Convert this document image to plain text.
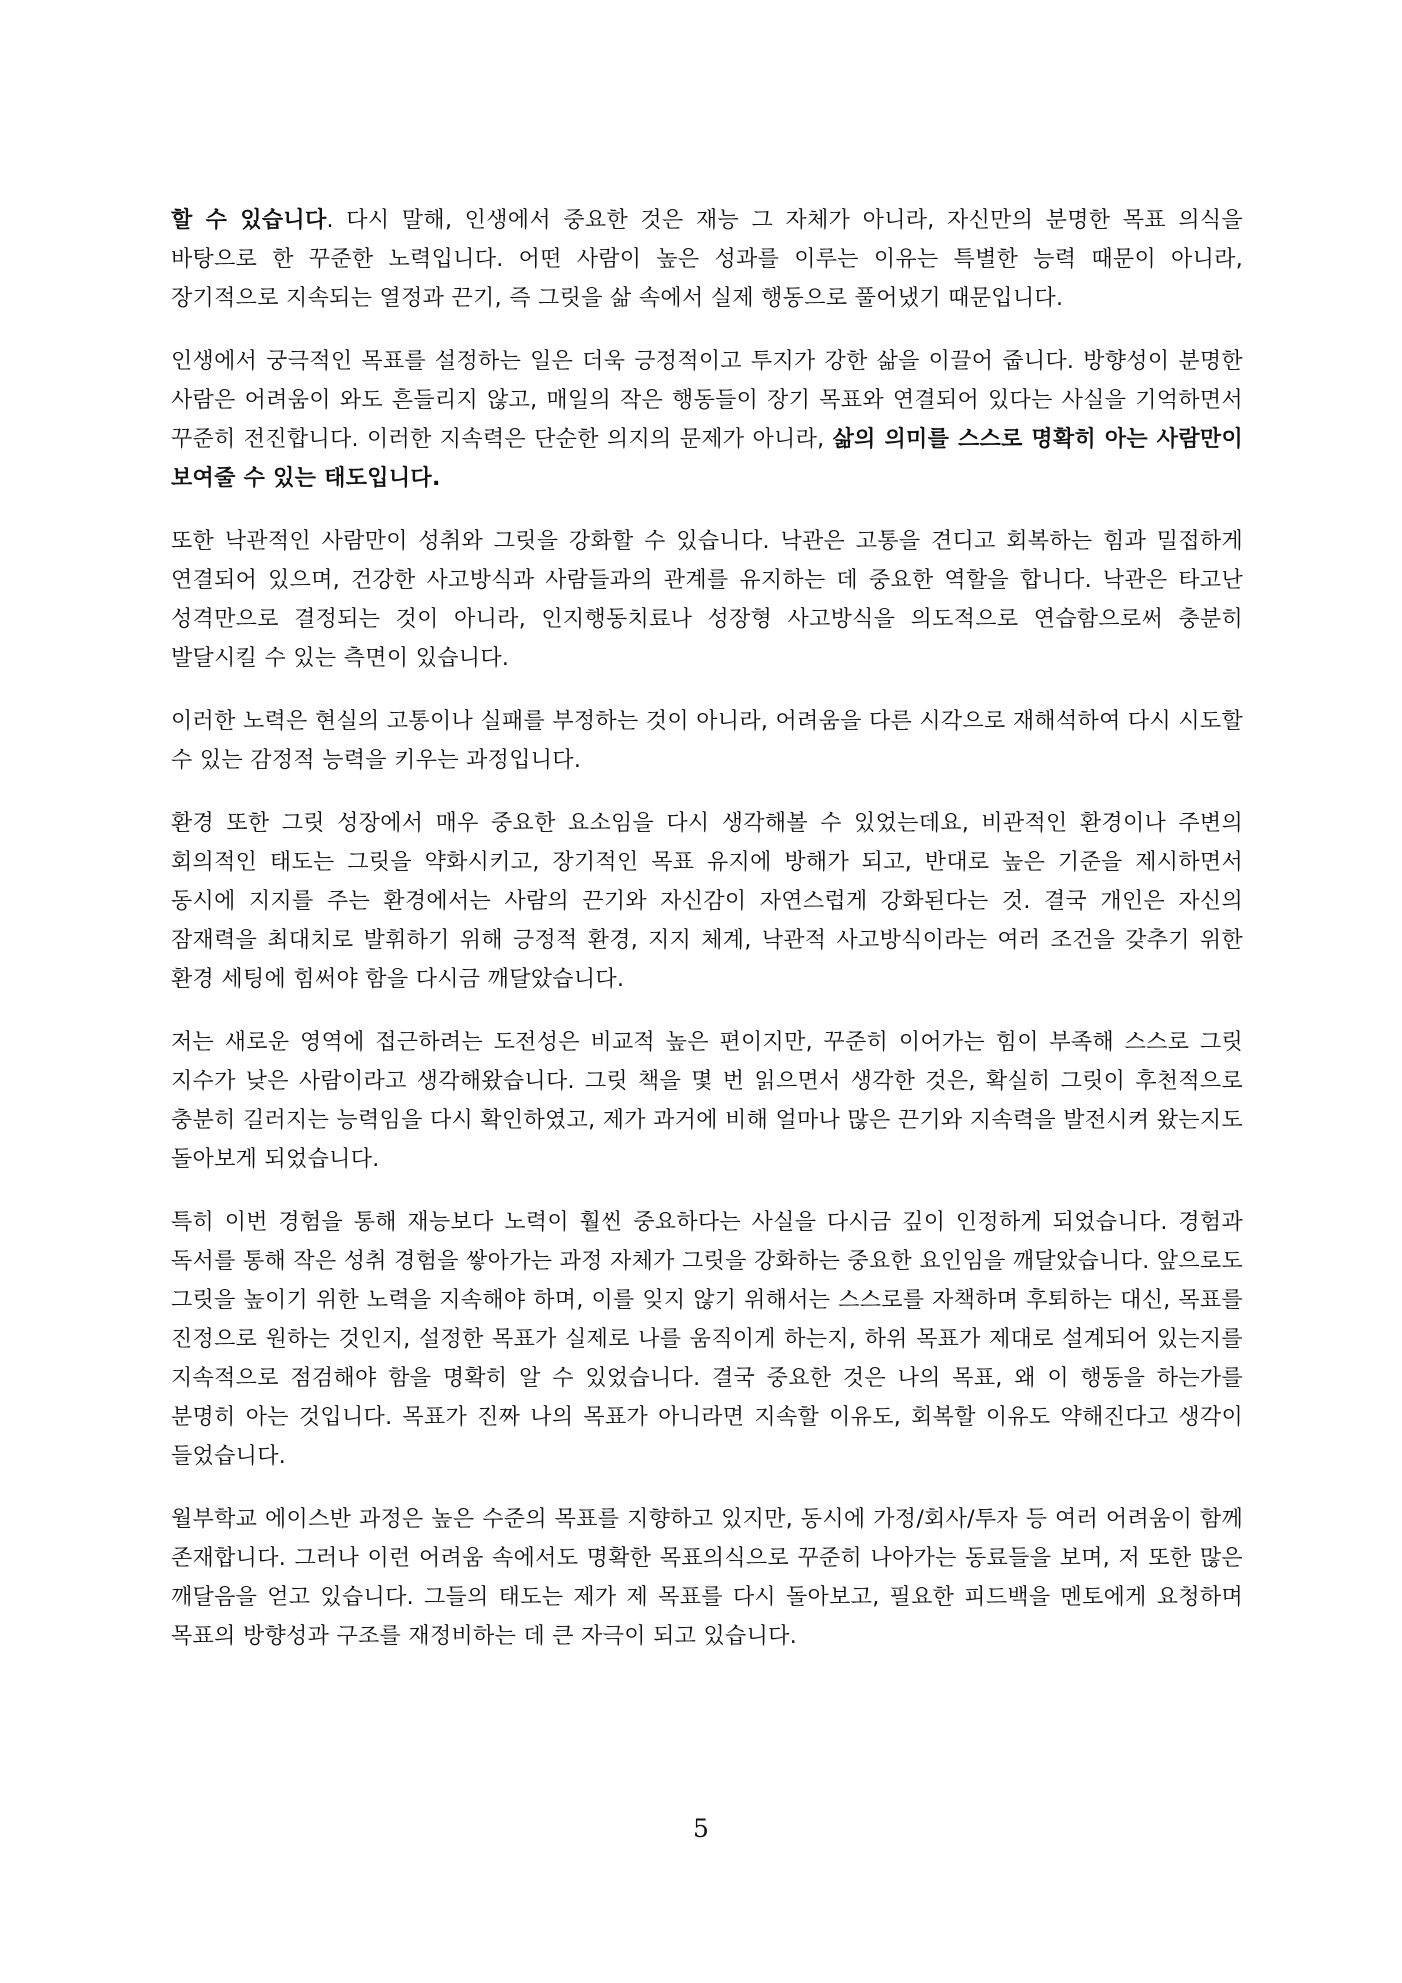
할 수 있습니다. 다시 말해, 인생에서 중요한 것은 재능 그 자체가 아니라, 자신만의 분명한 목표 의식을 바탕으로 한 꾸준한 노력입니다. 어떤 사람이 높은 성과를 이루는 이유는 특별한 능력 때문이 아니라, 장기적으로 지속되는 열정과 끈기, 즉 그릿을 삶 속에서 실제 행동으로 풀어냈기 때문입니다.

인생에서 궁극적인 목표를 설정하는 일은 더욱 긍정적이고 투지가 강한 삶을 이끌어 줍니다. 방향성이 분명한 사람은 어려움이 와도 흔들리지 않고, 매일의 작은 행동들이 장기 목표와 연결되어 있다는 사실을 기억하면서 꾸준히 전진합니다. 이러한 지속력은 단순한 의지의 문제가 아니라, 삶의 의미를 스스로 명확히 아는 사람만이 보여줄 수 있는 태도입니다.

또한 낙관적인 사람만이 성취와 그릿을 강화할 수 있습니다. 낙관은 고통을 견디고 회복하는 힘과 밀접하게 연결되어 있으며, 건강한 사고방식과 사람들과의 관계를 유지하는 데 중요한 역할을 합니다. 낙관은 타고난 성격만으로 결정되는 것이 아니라, 인지행동치료나 성장형 사고방식을 의도적으로 연습함으로써 충분히 발달시킬 수 있는 측면이 있습니다.

이러한 노력은 현실의 고통이나 실패를 부정하는 것이 아니라, 어려움을 다른 시각으로 재해석하여 다시 시도할 수 있는 감정적 능력을 키우는 과정입니다.

환경 또한 그릿 성장에서 매우 중요한 요소임을 다시 생각해볼 수 있었는데요, 비관적인 환경이나 주변의 회의적인 태도는 그릿을 약화시키고, 장기적인 목표 유지에 방해가 되고, 반대로 높은 기준을 제시하면서 동시에 지지를 주는 환경에서는 사람의 끈기와 자신감이 자연스럽게 강화된다는 것. 결국 개인은 자신의 잠재력을 최대치로 발휘하기 위해 긍정적 환경, 지지 체계, 낙관적 사고방식이라는 여러 조건을 갖추기 위한 환경 세팅에 힘써야 함을 다시금 깨달았습니다.

저는 새로운 영역에 접근하려는 도전성은 비교적 높은 편이지만, 꾸준히 이어가는 힘이 부족해 스스로 그릿 지수가 낮은 사람이라고 생각해왔습니다. 그릿 책을 몇 번 읽으면서 생각한 것은, 확실히 그릿이 후천적으로 충분히 길러지는 능력임을 다시 확인하였고, 제가 과거에 비해 얼마나 많은 끈기와 지속력을 발전시켜 왔는지도 돌아보게 되었습니다.

특히 이번 경험을 통해 재능보다 노력이 훨씬 중요하다는 사실을 다시금 깊이 인정하게 되었습니다. 경험과 독서를 통해 작은 성취 경험을 쌓아가는 과정 자체가 그릿을 강화하는 중요한 요인임을 깨달았습니다. 앞으로도 그릿을 높이기 위한 노력을 지속해야 하며, 이를 잊지 않기 위해서는 스스로를 자책하며 후퇴하는 대신, 목표를 진정으로 원하는 것인지, 설정한 목표가 실제로 나를 움직이게 하는지, 하위 목표가 제대로 설계되어 있는지를 지속적으로 점검해야 함을 명확히 알 수 있었습니다. 결국 중요한 것은 나의 목표, 왜 이 행동을 하는가를 분명히 아는 것입니다. 목표가 진짜 나의 목표가 아니라면 지속할 이유도, 회복할 이유도 약해진다고 생각이 들었습니다.

월부학교 에이스반 과정은 높은 수준의 목표를 지향하고 있지만, 동시에 가정/회사/투자 등 여러 어려움이 함께 존재합니다. 그러나 이런 어려움 속에서도 명확한 목표의식으로 꾸준히 나아가는 동료들을 보며, 저 또한 많은 깨달음을 얻고 있습니다. 그들의 태도는 제가 제 목표를 다시 돌아보고, 필요한 피드백을 멘토에게 요청하며 목표의 방향성과 구조를 재정비하는 데 큰 자극이 되고 있습니다.

5
